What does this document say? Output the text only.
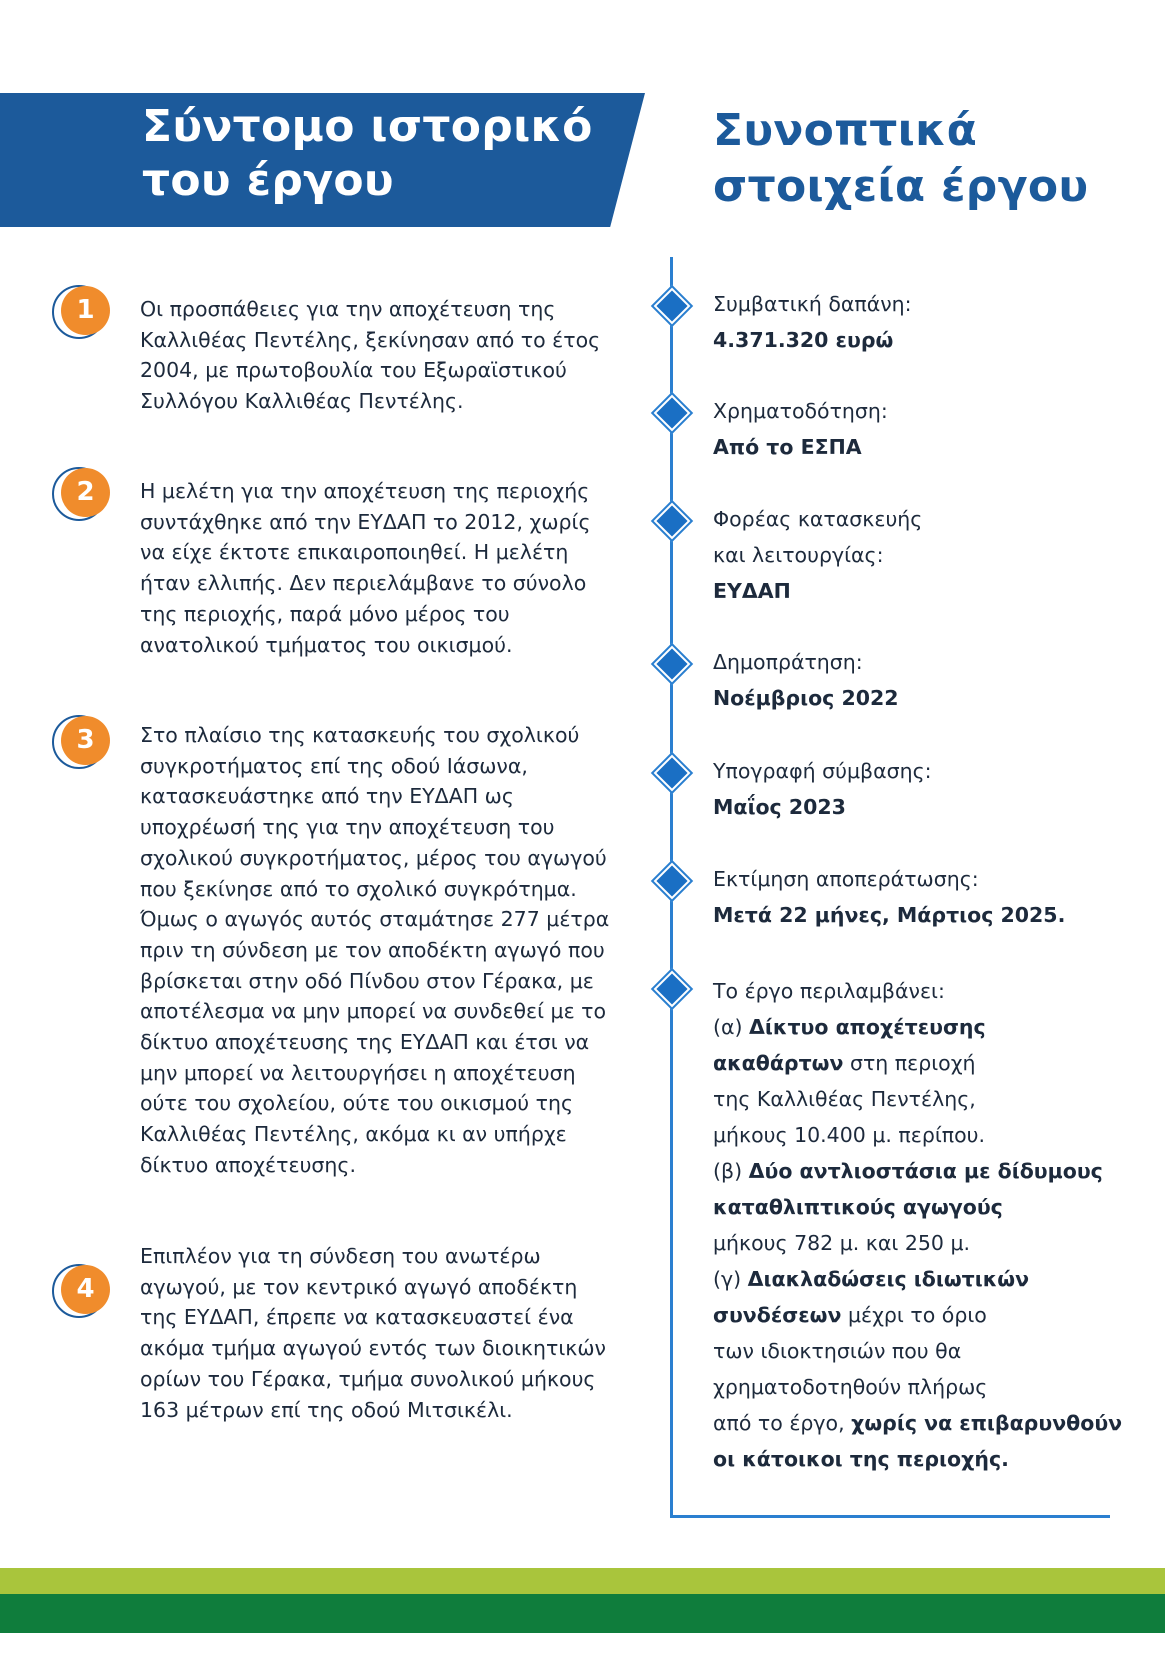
Σύντομο ιστορικό
του έργου
Συνοπτικά
στοιχεία έργου
1	Οι προσπάθειες για την αποχέτευση της Καλλιθέας Πεντέλης, ξεκίνησαν από το έτος 2004, με πρωτοβουλία του Εξωραϊστικού Συλλόγου Καλλιθέας Πεντέλης.

2	Η μελέτη για την αποχέτευση της περιοχής συντάχθηκε από την ΕΥΔΑΠ το 2012, χωρίς να είχε έκτοτε επικαιροποιηθεί. Η μελέτη ήταν ελλιπής. Δεν περιελάμβανε το σύνολο της περιοχής, παρά μόνο μέρος του ανατολικού τμήματος του οικισμού.

3	Στο πλαίσιο της κατασκευής του σχολικού συγκροτήματος επί της οδού Ιάσωνα, κατασκευάστηκε από την ΕΥΔΑΠ ως υποχρέωσή της για την αποχέτευση του σχολικού συγκροτήματος, μέρος του αγωγού που ξεκίνησε από το σχολικό συγκρότημα. Όμως ο αγωγός αυτός σταμάτησε 277 μέτρα πριν τη σύνδεση με τον αποδέκτη αγωγό που βρίσκεται στην οδό Πίνδου στον Γέρακα, με αποτέλεσμα να μην μπορεί να συνδεθεί με το δίκτυο αποχέτευσης της ΕΥΔΑΠ και έτσι να μην μπορεί να λειτουργήσει η αποχέτευση ούτε του σχολείου, ούτε του οικισμού της Καλλιθέας Πεντέλης, ακόμα κι αν υπήρχε δίκτυο αποχέτευσης.

4

Επιπλέον για τη σύνδεση του ανωτέρω αγωγού, με τον κεντρικό αγωγό αποδέκτη της ΕΥΔΑΠ, έπρεπε να κατασκευαστεί ένα ακόμα τμήμα αγωγού εντός των διοικητικών ορίων του Γέρακα, τμήμα συνολικού μήκους 163 μέτρων επί της οδού Μιτσικέλι.

Συμβατική δαπάνη:
4.371.320 ευρώ
Χρηματοδότηση:
Από το ΕΣΠΑ
Φορέας κατασκευής
και λειτουργίας:
ΕΥΔΑΠ
Δημοπράτηση:
Νοέμβριος 2022
Υπογραφή σύμβασης:
Μαΐος 2023
Εκτίμηση αποπεράτωσης:
Μετά 22 μήνες, Μάρτιος 2025.
Το έργο περιλαμβάνει:
(α) Δίκτυο αποχέτευσης
ακαθάρτων στη περιοχή
της Καλλιθέας Πεντέλης,
μήκους 10.400 μ. περίπου.
(β) Δύο αντλιοστάσια με δίδυμους
καταθλιπτικούς αγωγούς
μήκους 782 μ. και 250 μ.
(γ) Διακλαδώσεις ιδιωτικών
συνδέσεων μέχρι το όριο
των ιδιοκτησιών που θα
χρηματοδοτηθούν πλήρως
από το έργο, χωρίς να επιβαρυνθούν
οι κάτοικοι της περιοχής.
